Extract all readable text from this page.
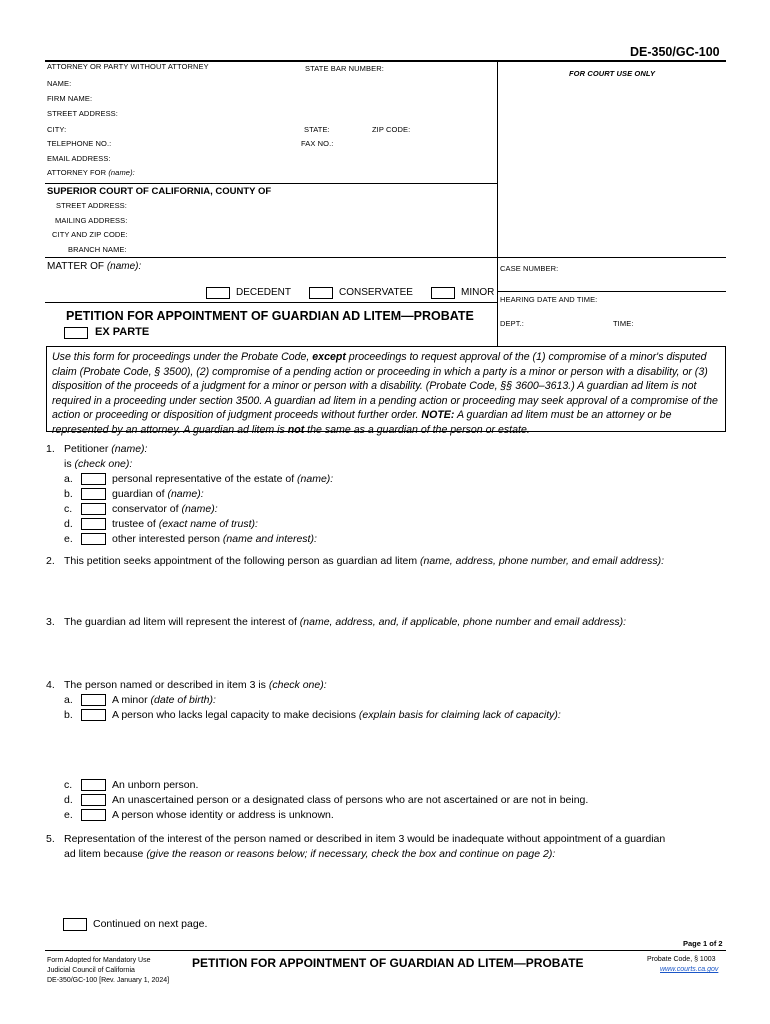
DE-350/GC-100
ATTORNEY OR PARTY WITHOUT ATTORNEY	STATE BAR NUMBER:
NAME:
FIRM NAME:
STREET ADDRESS:
CITY:	STATE:	ZIP CODE:
TELEPHONE NO.:	FAX NO.:
EMAIL ADDRESS:
ATTORNEY FOR (name):
FOR COURT USE ONLY
SUPERIOR COURT OF CALIFORNIA, COUNTY OF
STREET ADDRESS:
MAILING ADDRESS:
CITY AND ZIP CODE:
BRANCH NAME:
MATTER OF (name):
DECEDENT	CONSERVATEE	MINOR
CASE NUMBER:
HEARING DATE AND TIME:
DEPT.:	TIME:
PETITION FOR APPOINTMENT OF GUARDIAN AD LITEM—PROBATE
EX PARTE
Use this form for proceedings under the Probate Code, except proceedings to request approval of the (1) compromise of a minor's disputed claim (Probate Code, § 3500), (2) compromise of a pending action or proceeding in which a party is a minor or person with a disability, or (3) disposition of the proceeds of a judgment for a minor or person with a disability. (Probate Code, §§ 3600–3613.) A guardian ad litem is not required in a proceeding under section 3500. A guardian ad litem in a pending action or proceeding may seek approval of a compromise of the action or proceeding or disposition of judgment proceeds without further order. NOTE: A guardian ad litem must be an attorney or be represented by an attorney. A guardian ad litem is not the same as a guardian of the person or estate.
1. Petitioner (name):
is (check one):
a.	personal representative of the estate of (name):
b.	guardian of (name):
c.	conservator of (name):
d.	trustee of (exact name of trust):
e.	other interested person (name and interest):
2. This petition seeks appointment of the following person as guardian ad litem (name, address, phone number, and email address):
3. The guardian ad litem will represent the interest of (name, address, and, if applicable, phone number and email address):
4. The person named or described in item 3 is (check one):
a.	A minor (date of birth):
b.	A person who lacks legal capacity to make decisions (explain basis for claiming lack of capacity):
c.	An unborn person.
d.	An unascertained person or a designated class of persons who are not ascertained or are not in being.
e.	A person whose identity or address is unknown.
5. Representation of the interest of the person named or described in item 3 would be inadequate without appointment of a guardian
ad litem because (give the reason or reasons below; if necessary, check the box and continue on page 2):
Continued on next page.
Page 1 of 2
Form Adopted for Mandatory Use
Judicial Council of California
DE-350/GC-100 [Rev. January 1, 2024]
PETITION FOR APPOINTMENT OF GUARDIAN AD LITEM—PROBATE	Probate Code, § 1003
www.courts.ca.gov
